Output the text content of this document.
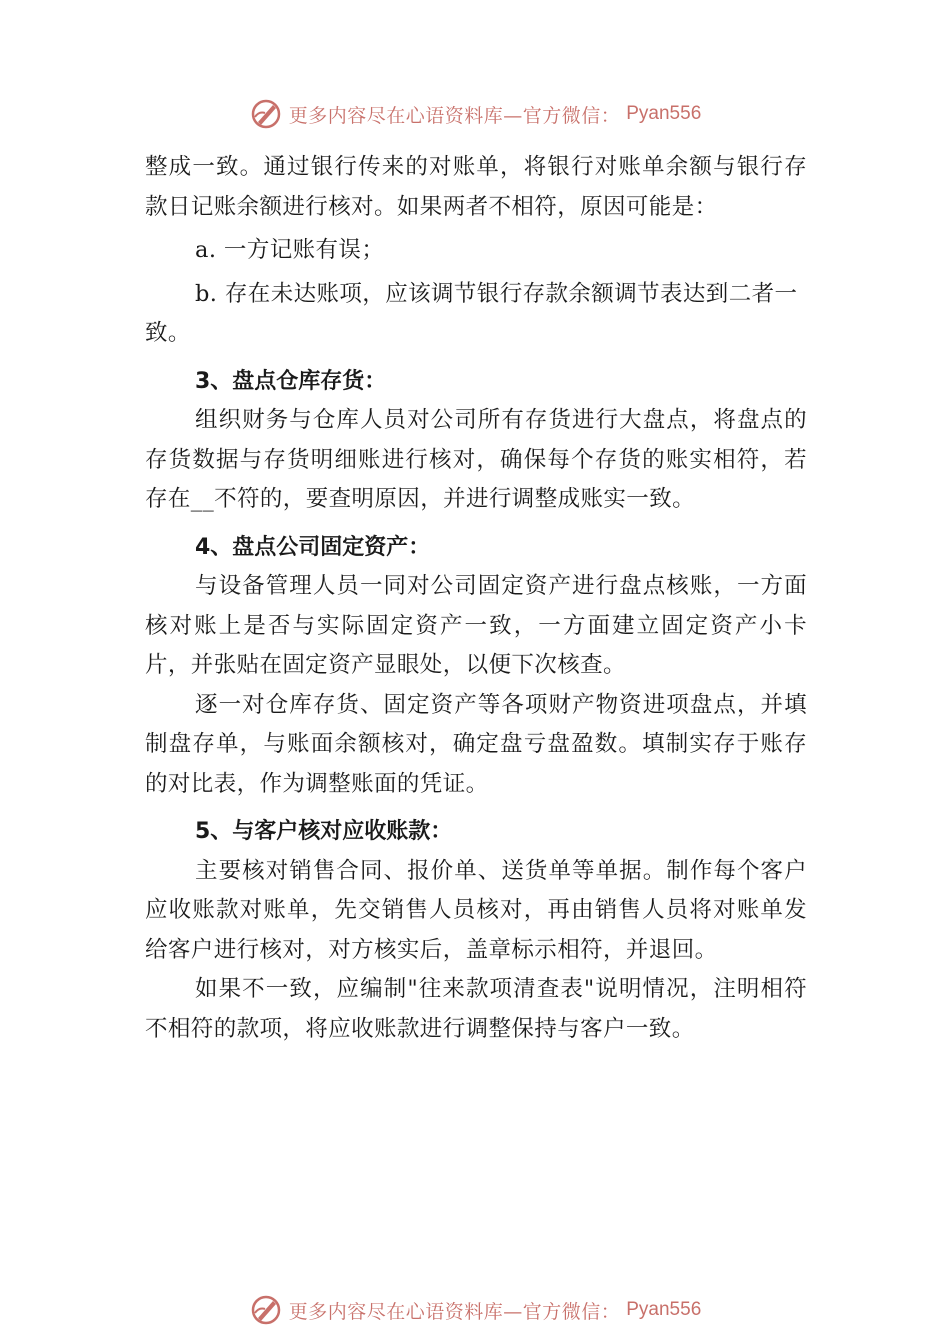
更多内容尽在心语资料库—官方微信： Pyan556

整成一致。通过银行传来的对账单，将银行对账单余额与银行存款日记账余额进行核对。如果两者不相符，原因可能是：

a. 一方记账有误；

b. 存在未达账项，应该调节银行存款余额调节表达到二者一致。

3、盘点仓库存货：

组织财务与仓库人员对公司所有存货进行大盘点，将盘点的存货数据与存货明细账进行核对，确保每个存货的账实相符，若存在__不符的，要查明原因，并进行调整成账实一致。

4、盘点公司固定资产：

与设备管理人员一同对公司固定资产进行盘点核账，一方面核对账上是否与实际固定资产一致，一方面建立固定资产小卡片，并张贴在固定资产显眼处，以便下次核查。

逐一对仓库存货、固定资产等各项财产物资进项盘点，并填制盘存单，与账面余额核对，确定盘亏盘盈数。填制实存于账存的对比表，作为调整账面的凭证。

5、与客户核对应收账款：

主要核对销售合同、报价单、送货单等单据。制作每个客户应收账款对账单，先交销售人员核对，再由销售人员将对账单发给客户进行核对，对方核实后，盖章标示相符，并退回。

如果不一致，应编制"往来款项清查表"说明情况，注明相符不相符的款项，将应收账款进行调整保持与客户一致。

更多内容尽在心语资料库—官方微信： Pyan556
